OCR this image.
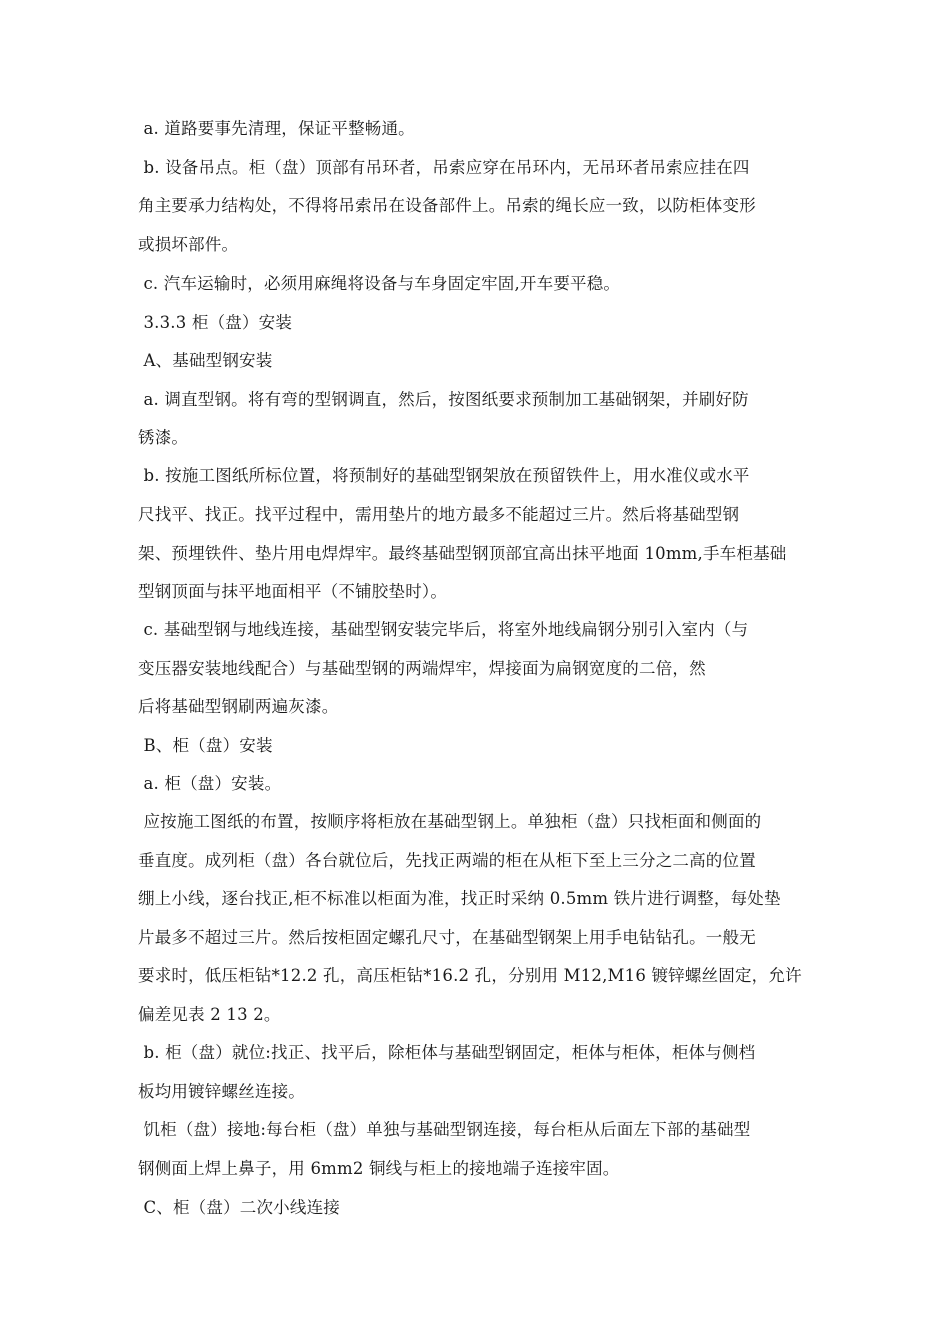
a. 道路要事先清理，保证平整畅通。
b. 设备吊点。柜（盘）顶部有吊环者，吊索应穿在吊环内，无吊环者吊索应挂在四
角主要承力结构处，不得将吊索吊在设备部件上。吊索的绳长应一致，以防柜体变形
或损坏部件。
c. 汽车运输时，必须用麻绳将设备与车身固定牢固,开车要平稳。
3.3.3 柜（盘）安装
A、基础型钢安装
a. 调直型钢。将有弯的型钢调直，然后，按图纸要求预制加工基础钢架，并刷好防
锈漆。
b. 按施工图纸所标位置，将预制好的基础型钢架放在预留铁件上，用水准仪或水平
尺找平、找正。找平过程中，需用垫片的地方最多不能超过三片。然后将基础型钢
架、预埋铁件、垫片用电焊焊牢。最终基础型钢顶部宜高出抹平地面 10mm,手车柜基础
型钢顶面与抹平地面相平（不铺胶垫时）。
c. 基础型钢与地线连接，基础型钢安装完毕后，将室外地线扁钢分别引入室内（与
变压器安装地线配合）与基础型钢的两端焊牢，焊接面为扁钢宽度的二倍，然
后将基础型钢刷两遍灰漆。
B、柜（盘）安装
a. 柜（盘）安装。
应按施工图纸的布置，按顺序将柜放在基础型钢上。单独柜（盘）只找柜面和侧面的
垂直度。成列柜（盘）各台就位后，先找正两端的柜在从柜下至上三分之二高的位置
绷上小线，逐台找正,柜不标准以柜面为准，找正时采纳 0.5mm 铁片进行调整，每处垫
片最多不超过三片。然后按柜固定螺孔尺寸，在基础型钢架上用手电钻钻孔。一般无
要求时，低压柜钻*12.2 孔，高压柜钻*16.2 孔，分别用 M12,M16 镀锌螺丝固定，允许
偏差见表 2 13 2。
b. 柜（盘）就位:找正、找平后，除柜体与基础型钢固定，柜体与柜体，柜体与侧档
板均用镀锌螺丝连接。
饥柜（盘）接地:每台柜（盘）单独与基础型钢连接，每台柜从后面左下部的基础型
钢侧面上焊上鼻子，用 6mm2 铜线与柜上的接地端子连接牢固。
C、柜（盘）二次小线连接
